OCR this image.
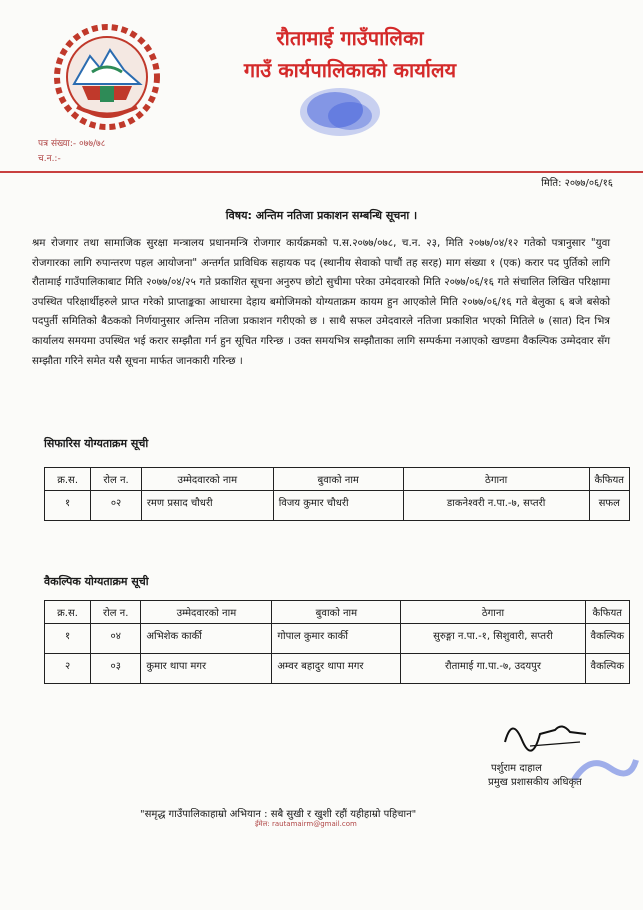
रौतामाई गाउँपालिका
गाउँ कार्यपालिकाको कार्यालय
पत्र संख्या:- ०७७/७८
च.न.:-
मिति: २०७७/०६/१६
विषय: अन्तिम नतिजा प्रकाशन सम्बन्धि सूचना ।
श्रम रोजगार तथा सामाजिक सुरक्षा मन्त्रालय प्रधानमन्त्रि रोजगार कार्यक्रमको प.स.२०७७/०७८, च.न. २३, मिति २०७७/०४/१२ गतेको पत्रानुसार "युवा रोजगारका लागि रुपान्तरण पहल आयोजना" अन्तर्गत प्राविधिक सहायक पद (स्थानीय सेवाको पाचौं तह सरह) माग संख्या १ (एक) करार पद पुर्तिको लागि रौतामाई गाउँपालिकाबाट मिति २०७७/०४/२५ गते प्रकाशित सूचना अनुरुप छोटो सुचीमा परेका उमेदवारको मिति २०७७/०६/१६ गते संचालित लिखित परिक्षामा उपस्थित परिक्षार्थीहरुले प्राप्त गरेको प्राप्ताङ्कका आधारमा देहाय बमोजिमको योग्यताक्रम कायम हुन आएकोले मिति २०७७/०६/१६ गते बेलुका ६ बजे बसेको पदपुर्ती समितिको बैठकको निर्णयानुसार अन्तिम नतिजा प्रकाशन गरीएको छ । साथै सफल उमेदवारले नतिजा प्रकाशित भएको मितिले ७ (सात) दिन भित्र कार्यालय समयमा उपस्थित भई करार सम्झौता गर्न हुन सूचित गरिन्छ । उक्त समयभित्र सम्झौताका लागि सम्पर्कमा नआएको खण्डमा वैकल्पिक उम्मेदवार सँग सम्झौता गरिने समेत यसै सूचना मार्फत जानकारी गरिन्छ ।
सिफारिस योग्यताक्रम सूची
क्र.स.	रोल न.	उम्मेदवारको नाम	बुवाको नाम	ठेगाना	कैफियत
१	०२	रमण प्रसाद चौधरी	विजय कुमार चौधरी	डाकनेश्वरी न.पा.-७, सप्तरी	सफल
वैकल्पिक योग्यताक्रम सूची
क्र.स.	रोल न.	उम्मेदवारको नाम	बुवाको नाम	ठेगाना	कैफियत
१	०४	अभिशेक कार्की	गोपाल कुमार कार्की	सुरुङ्गा न.पा.-१, सिशुवारी, सप्तरी	वैकल्पिक
२	०३	कुमार थापा मगर	अम्वर बहादुर थापा मगर	रौतामाई गा.पा.-७, उदयपुर	वैकल्पिक
पर्शुराम दाहाल
प्रमुख प्रशासकीय अधिकृत
"समृद्ध गाउँपालिकाहाम्रो अभियान : सबै सुखी र खुशी रहौं यहीहाम्रो पहिचान"
ईमेल: rautamairm@gmail.com
